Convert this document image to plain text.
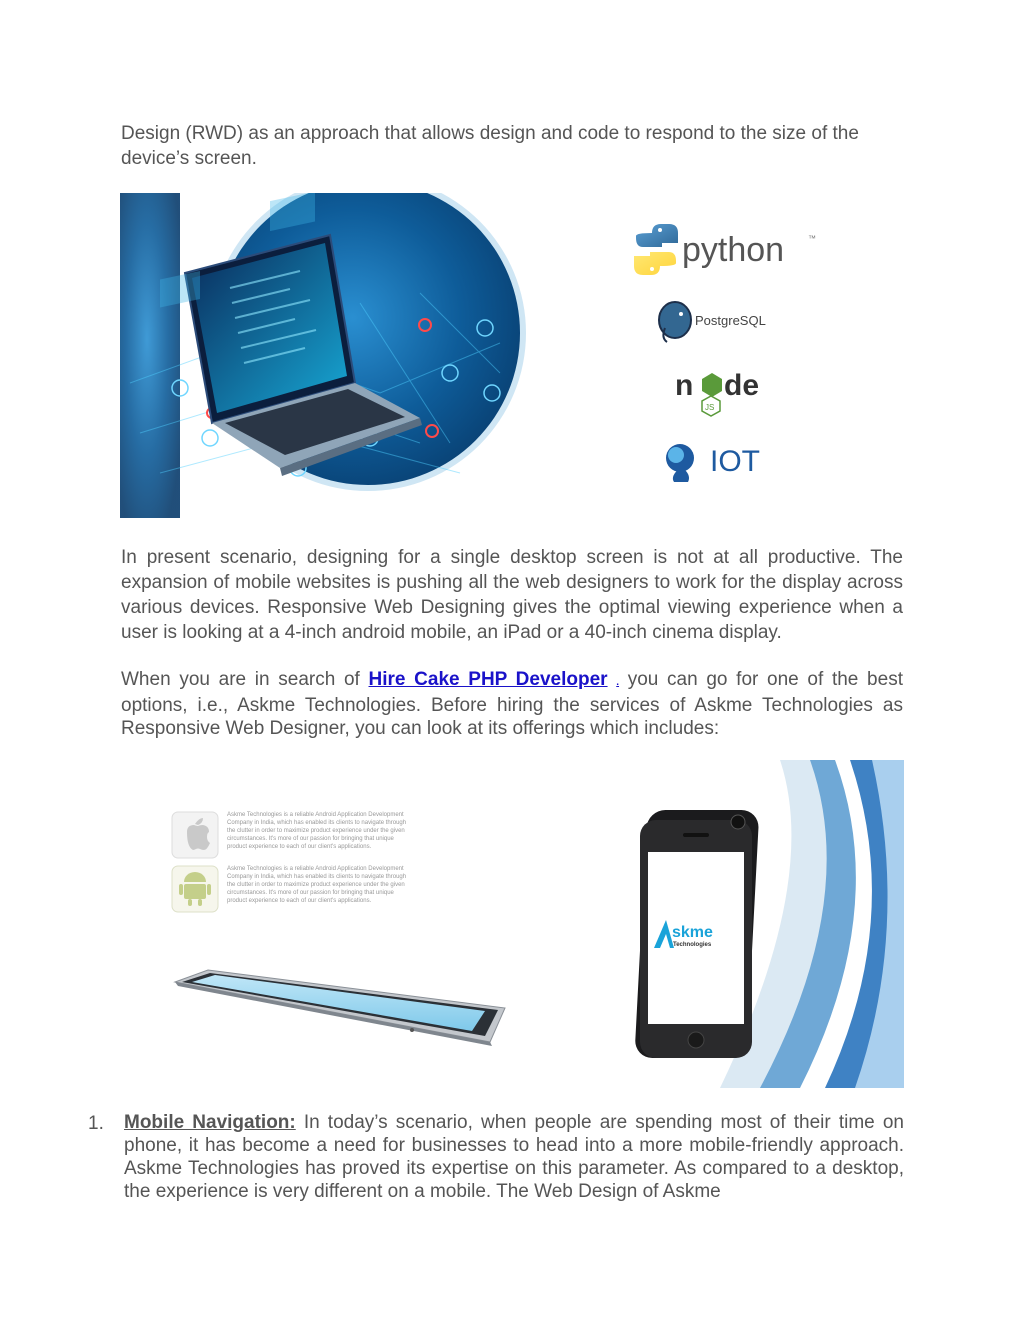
Design (RWD) as an approach that allows design and code to respond to the size of the device’s screen.

python	™
PostgreSQL
n de
JS
IOT

In present scenario, designing for a single desktop screen is not at all productive. The expansion of mobile websites is pushing all the web designers to work for the display across various devices. Responsive Web Designing gives the optimal viewing experience when a user is looking at a 4-inch android mobile, an iPad or a 40-inch cinema display.

When you are in search of Hire Cake PHP Developer . you can go for one of the best options, i.e., Askme Technologies. Before hiring the services of Askme Technologies as Responsive Web Designer, you can look at its offerings which includes:

Askme Technologies is a reliable Android Application Development
Company in India, which has enabled its clients to navigate through
the clutter in order to maximize product experience under the given
circumstances. It's more of our passion for bringing that unique
product experience to each of our client's applications.
Askme Technologies is a reliable Android Application Development
Company in India, which has enabled its clients to navigate through
the clutter in order to maximize product experience under the given
circumstances. It's more of our passion for bringing that unique
product experience to each of our client's applications.
skme
Technologies
1. Mobile Navigation: In today’s scenario, when people are spending most of their time on phone, it has become a need for businesses to head into a more mobile-friendly approach. Askme Technologies has proved its expertise on this parameter. As compared to a desktop, the experience is very different on a mobile. The Web Design of Askme
